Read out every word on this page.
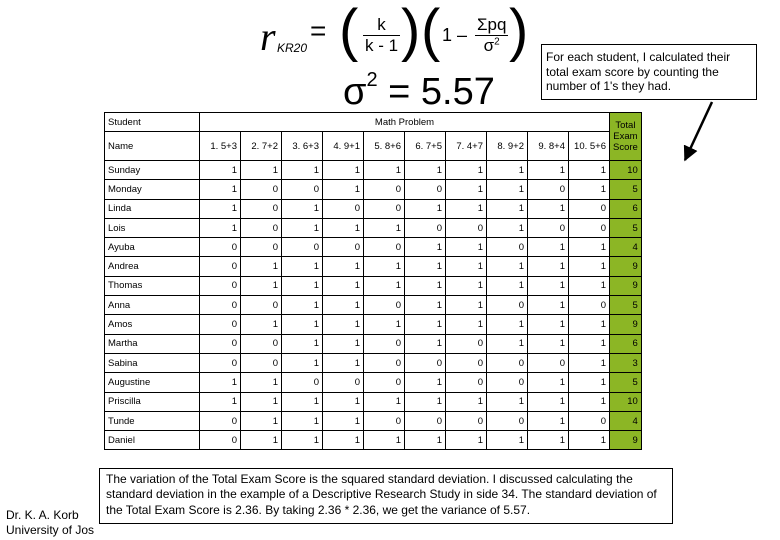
r KR20
= ( $\frac{k}{k - 1}$ ) ( 1 –
Σpq
$\sigma^2$ )
$\sigma^2 = 5.57$
For each student, I calculated their total exam score by counting the number of 1's they had.
Student	Math Problem										Total Exam Score
Name	1. 5+3	2. 7+2	3. 6+3	4. 9+1	5. 8+6	6. 7+5	7. 4+7	8. 9+2	9. 8+4	10. 5+6	
Sunday	1	1	1	1	1	1	1	1	1	1	10
Monday	1	0	0	1	0	0	1	1	0	1	5
Linda	1	0	1	0	0	1	1	1	1	0	6
Lois	1	0	1	1	1	0	0	1	0	0	5
Ayuba	0	0	0	0	0	1	1	0	1	1	4
Andrea	0	1	1	1	1	1	1	1	1	1	9
Thomas	0	1	1	1	1	1	1	1	1	1	9
Anna	0	0	1	1	0	1	1	0	1	0	5
Amos	0	1	1	1	1	1	1	1	1	1	9
Martha	0	0	1	1	0	1	0	1	1	1	6
Sabina	0	0	1	1	0	0	0	0	0	1	3
Augustine	1	1	0	0	0	1	0	0	1	1	5
Priscilla	1	1	1	1	1	1	1	1	1	1	10
Tunde	0	1	1	1	0	0	0	0	1	0	4
Daniel	0	1	1	1	1	1	1	1	1	1	9
The variation of the Total Exam Score is the squared standard deviation. I discussed calculating the standard deviation in the example of a Descriptive Research Study in side 34. The standard deviation of the Total Exam Score is 2.36. By taking 2.36 * 2.36, we get the variance of 5.57.
Dr. K. A. Korb
University of Jos
